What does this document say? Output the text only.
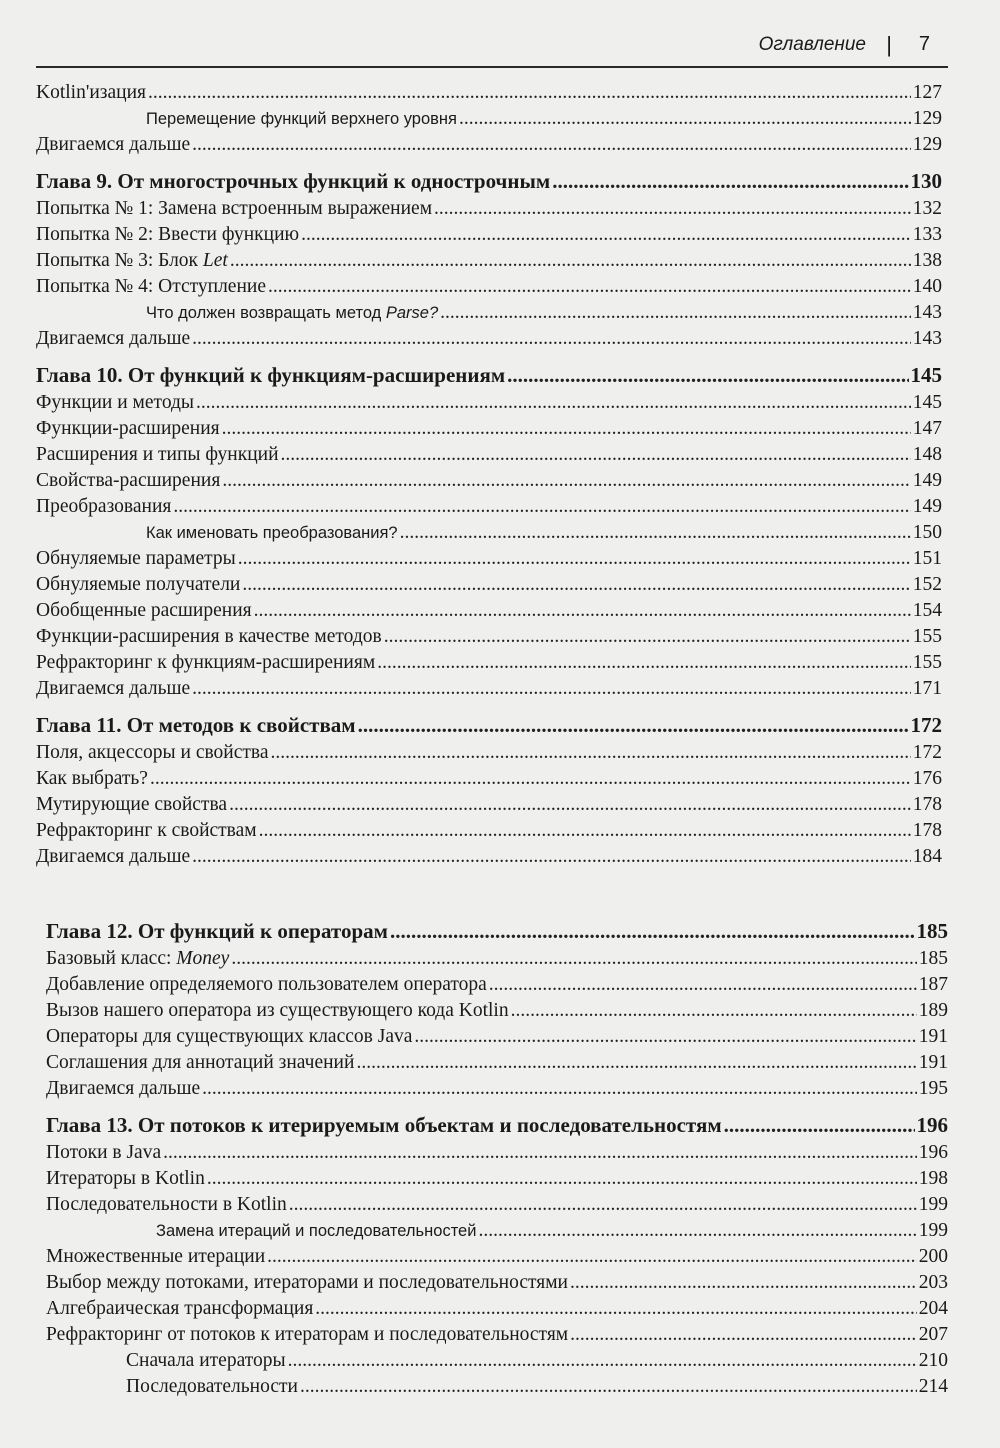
Оглавление | 7
Kotlin'изация .....	127
Перемещение функций верхнего уровня .....	129
Двигаемся дальше .....	129
Глава 9. От многострочных функций к однострочным .....	130
Попытка № 1: Замена встроенным выражением .....	132
Попытка № 2: Ввести функцию .....	133
Попытка № 3: Блок Let .....	138
Попытка № 4: Отступление .....	140
Что должен возвращать метод Parse? .....	143
Двигаемся дальше .....	143
Глава 10. От функций к функциям-расширениям .....	145
Функции и методы .....	145
Функции-расширения .....	147
Расширения и типы функций .....	148
Свойства-расширения .....	149
Преобразования .....	149
Как именовать преобразования? .....	150
Обнуляемые параметры .....	151
Обнуляемые получатели .....	152
Обобщенные расширения .....	154
Функции-расширения в качестве методов .....	155
Рефракторинг к функциям-расширениям .....	155
Двигаемся дальше .....	171
Глава 11. От методов к свойствам .....	172
Поля, акцессоры и свойства .....	172
Как выбрать? .....	176
Мутирующие свойства .....	178
Рефракторинг к свойствам .....	178
Двигаемся дальше .....	184
Глава 12. От функций к операторам .....	185
Базовый класс: Money .....	185
Добавление определяемого пользователем оператора .....	187
Вызов нашего оператора из существующего кода Kotlin .....	189
Операторы для существующих классов Java .....	191
Соглашения для аннотаций значений .....	191
Двигаемся дальше .....	195
Глава 13. От потоков к итерируемым объектам и последовательностям .....	196
Потоки в Java .....	196
Итераторы в Kotlin .....	198
Последовательности в Kotlin .....	199
Замена итераций и последовательностей .....	199
Множественные итерации .....	200
Выбор между потоками, итераторами и последовательностями .....	203
Алгебраическая трансформация .....	204
Рефракторинг от потоков к итераторам и последовательностям .....	207
Сначала итераторы .....	210
Последовательности .....	214
